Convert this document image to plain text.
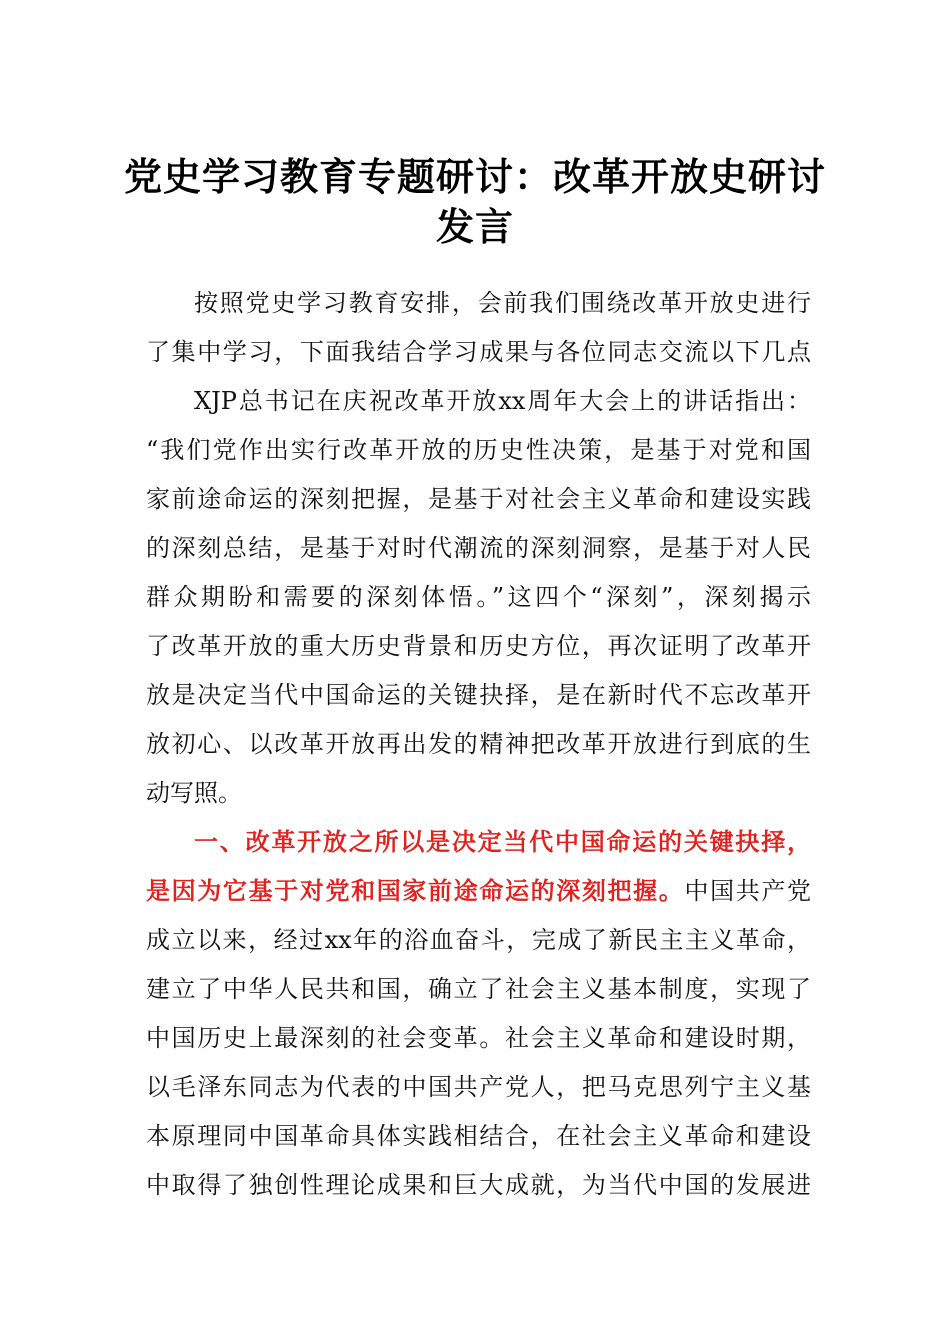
党史学习教育专题研讨：改革开放史研讨
发言
按照党史学习教育安排，会前我们围绕改革开放史进行
了集中学习，下面我结合学习成果与各位同志交流以下几点
XJP总书记在庆祝改革开放xx周年大会上的讲话指出：
“我们党作出实行改革开放的历史性决策，是基于对党和国
家前途命运的深刻把握，是基于对社会主义革命和建设实践
的深刻总结，是基于对时代潮流的深刻洞察，是基于对人民
群众期盼和需要的深刻体悟。”这四个“深刻”，深刻揭示
了改革开放的重大历史背景和历史方位，再次证明了改革开
放是决定当代中国命运的关键抉择，是在新时代不忘改革开
放初心、以改革开放再出发的精神把改革开放进行到底的生
动写照。
一、改革开放之所以是决定当代中国命运的关键抉择，
是因为它基于对党和国家前途命运的深刻把握。中国共产党
成立以来，经过xx年的浴血奋斗，完成了新民主主义革命，
建立了中华人民共和国，确立了社会主义基本制度，实现了
中国历史上最深刻的社会变革。社会主义革命和建设时期，
以毛泽东同志为代表的中国共产党人，把马克思列宁主义基
本原理同中国革命具体实践相结合，在社会主义革命和建设
中取得了独创性理论成果和巨大成就，为当代中国的发展进
